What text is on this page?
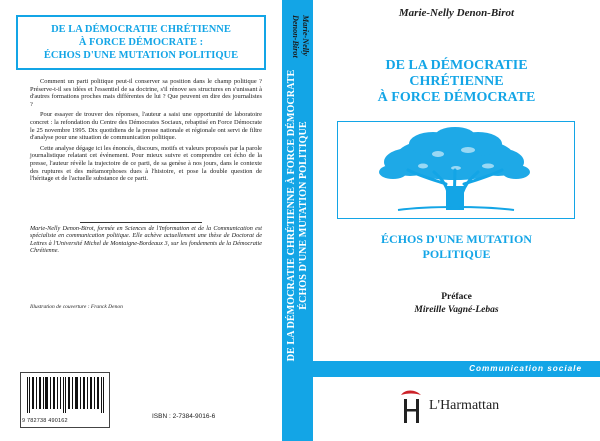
DE LA DÉMOCRATIE CHRÉTIENNE
À FORCE DÉMOCRATE :
ÉCHOS D'UNE MUTATION POLITIQUE

Comment un parti politique peut-il conserver sa position dans le champ politique ? Préserve-t-il ses idées et l'essentiel de sa doctrine, s'il rénove ses structures en s'unissant à d'autres formations proches mais différentes de lui ? Que peuvent en dire des journalistes ?

Pour essayer de trouver des réponses, l'auteur a saisi une opportunité de laboratoire concret : la refondation du Centre des Démocrates Sociaux, rebaptisé en Force Démocrate le 25 novembre 1995. Dix quotidiens de la presse nationale et régionale ont servi de filtre d'analyse pour une situation de communication politique.

Cette analyse dégage ici les énoncés, discours, motifs et valeurs proposés par la parole journalistique relatant cet événement. Pour mieux suivre et comprendre cet écho de la presse, l'auteur révèle la trajectoire de ce parti, de sa genèse à nos jours, dans le contexte des ruptures et des métamorphoses dues à l'histoire, et pose la double question de l'héritage et de l'actuelle substance de ce parti.

Marie-Nelly Denon-Birot, formée en Sciences de l'Information et de la Communication est spécialiste en communication politique. Elle achève actuellement une thèse de Doctorat de Lettres à l'Université Michel de Montaigne-Bordeaux 3, sur les fondements de la Démocratie Chrétienne.

Illustration de couverture : Franck Denon

9 782738 490162

ISBN : 2-7384-9016-6

DE LA DÉMOCRATIE CHRÉTIENNE À FORCE DÉMOCRATE ÉCHOS D'UNE MUTATION POLITIQUE
Marie-Nelly
Denon-Birot

Marie-Nelly Denon-Birot

DE LA DÉMOCRATIE
CHRÉTIENNE
À FORCE DÉMOCRATE
ÉCHOS D'UNE MUTATION
POLITIQUE

Préface

Mireille Vagné-Lebas

Communication sociale
L'Harmattan
